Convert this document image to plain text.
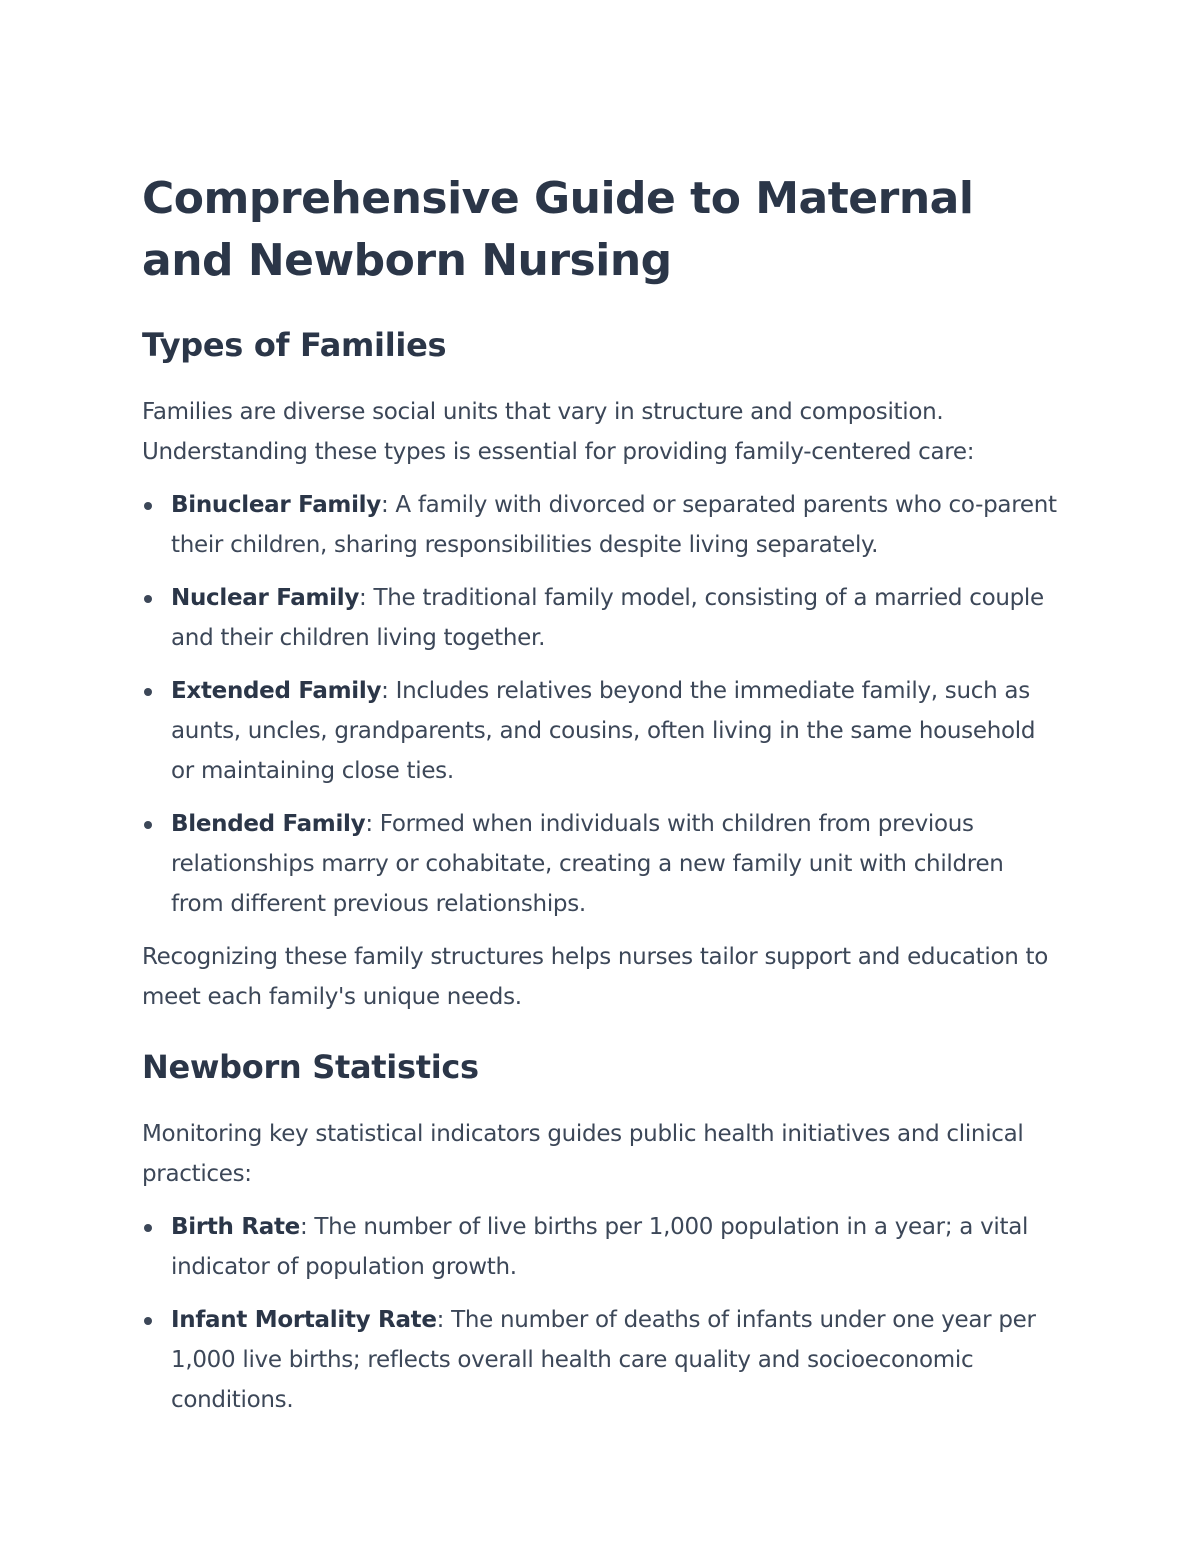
Comprehensive Guide to Maternal and Newborn Nursing
Types of Families

Families are diverse social units that vary in structure and composition. Understanding these types is essential for providing family-centered care:

Binuclear Family: A family with divorced or separated parents who co-parent their children, sharing responsibilities despite living separately.
Nuclear Family: The traditional family model, consisting of a married couple and their children living together.
Extended Family: Includes relatives beyond the immediate family, such as aunts, uncles, grandparents, and cousins, often living in the same household or maintaining close ties.
Blended Family: Formed when individuals with children from previous relationships marry or cohabitate, creating a new family unit with children from different previous relationships.

Recognizing these family structures helps nurses tailor support and education to meet each family's unique needs.

Newborn Statistics

Monitoring key statistical indicators guides public health initiatives and clinical practices:

Birth Rate: The number of live births per 1,000 population in a year; a vital indicator of population growth.
Infant Mortality Rate: The number of deaths of infants under one year per 1,000 live births; reflects overall health care quality and socioeconomic conditions.
